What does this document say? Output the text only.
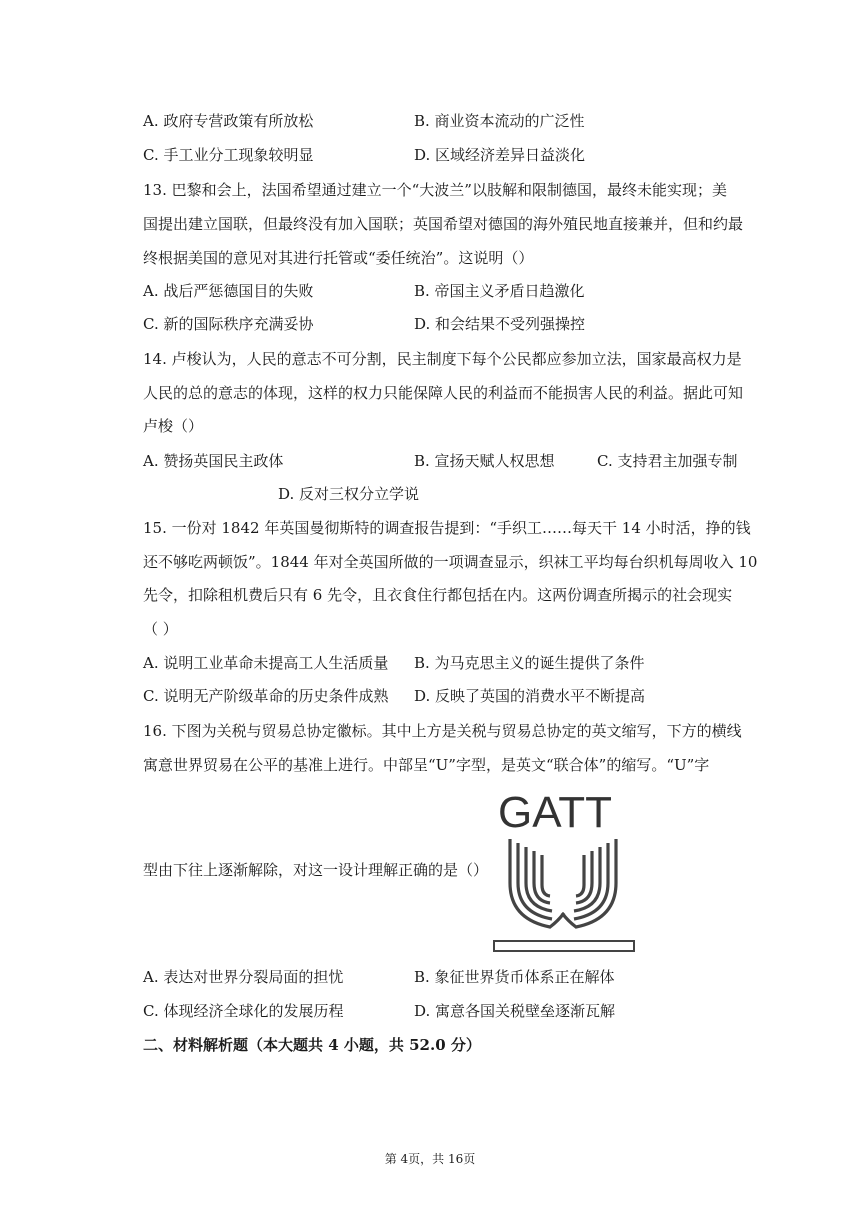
A. 政府专营政策有所放松	B. 商业资本流动的广泛性
C. 手工业分工现象较明显	D. 区域经济差异日益淡化
13. 巴黎和会上，法国希望通过建立一个“大波兰”以肢解和限制德国，最终未能实现；美
国提出建立国联，但最终没有加入国联；英国希望对德国的海外殖民地直接兼并，但和约最
终根据美国的意见对其进行托管或“委任统治”。这说明（）
A. 战后严惩德国目的失败	B. 帝国主义矛盾日趋激化
C. 新的国际秩序充满妥协	D. 和会结果不受列强操控
14. 卢梭认为，人民的意志不可分割，民主制度下每个公民都应参加立法，国家最高权力是
人民的总的意志的体现，这样的权力只能保障人民的利益而不能损害人民的利益。据此可知
卢梭（）
A. 赞扬英国民主政体	B. 宣扬天赋人权思想	C. 支持君主加强专制
D. 反对三权分立学说
15. 一份对 1842 年英国曼彻斯特的调查报告提到：“手织工……每天干 14 小时活，挣的钱
还不够吃两顿饭”。1844 年对全英国所做的一项调查显示，织袜工平均每台织机每周收入 10
先令，扣除租机费后只有 6 先令，且衣食住行都包括在内。这两份调查所揭示的社会现实
（ ）
A. 说明工业革命未提高工人生活质量 B. 为马克思主义的诞生提供了条件
C. 说明无产阶级革命的历史条件成熟 D. 反映了英国的消费水平不断提高
16. 下图为关税与贸易总协定徽标。其中上方是关税与贸易总协定的英文缩写，下方的横线
寓意世界贸易在公平的基准上进行。中部呈“U”字型，是英文“联合体”的缩写。“U”字
型由下往上逐渐解除，对这一设计理解正确的是（）
GATT
A. 表达对世界分裂局面的担忧	B. 象征世界货币体系正在解体
C. 体现经济全球化的发展历程	D. 寓意各国关税壁垒逐渐瓦解
二、材料解析题（本大题共 4 小题，共 52.0 分）
第 4页，共 16页
